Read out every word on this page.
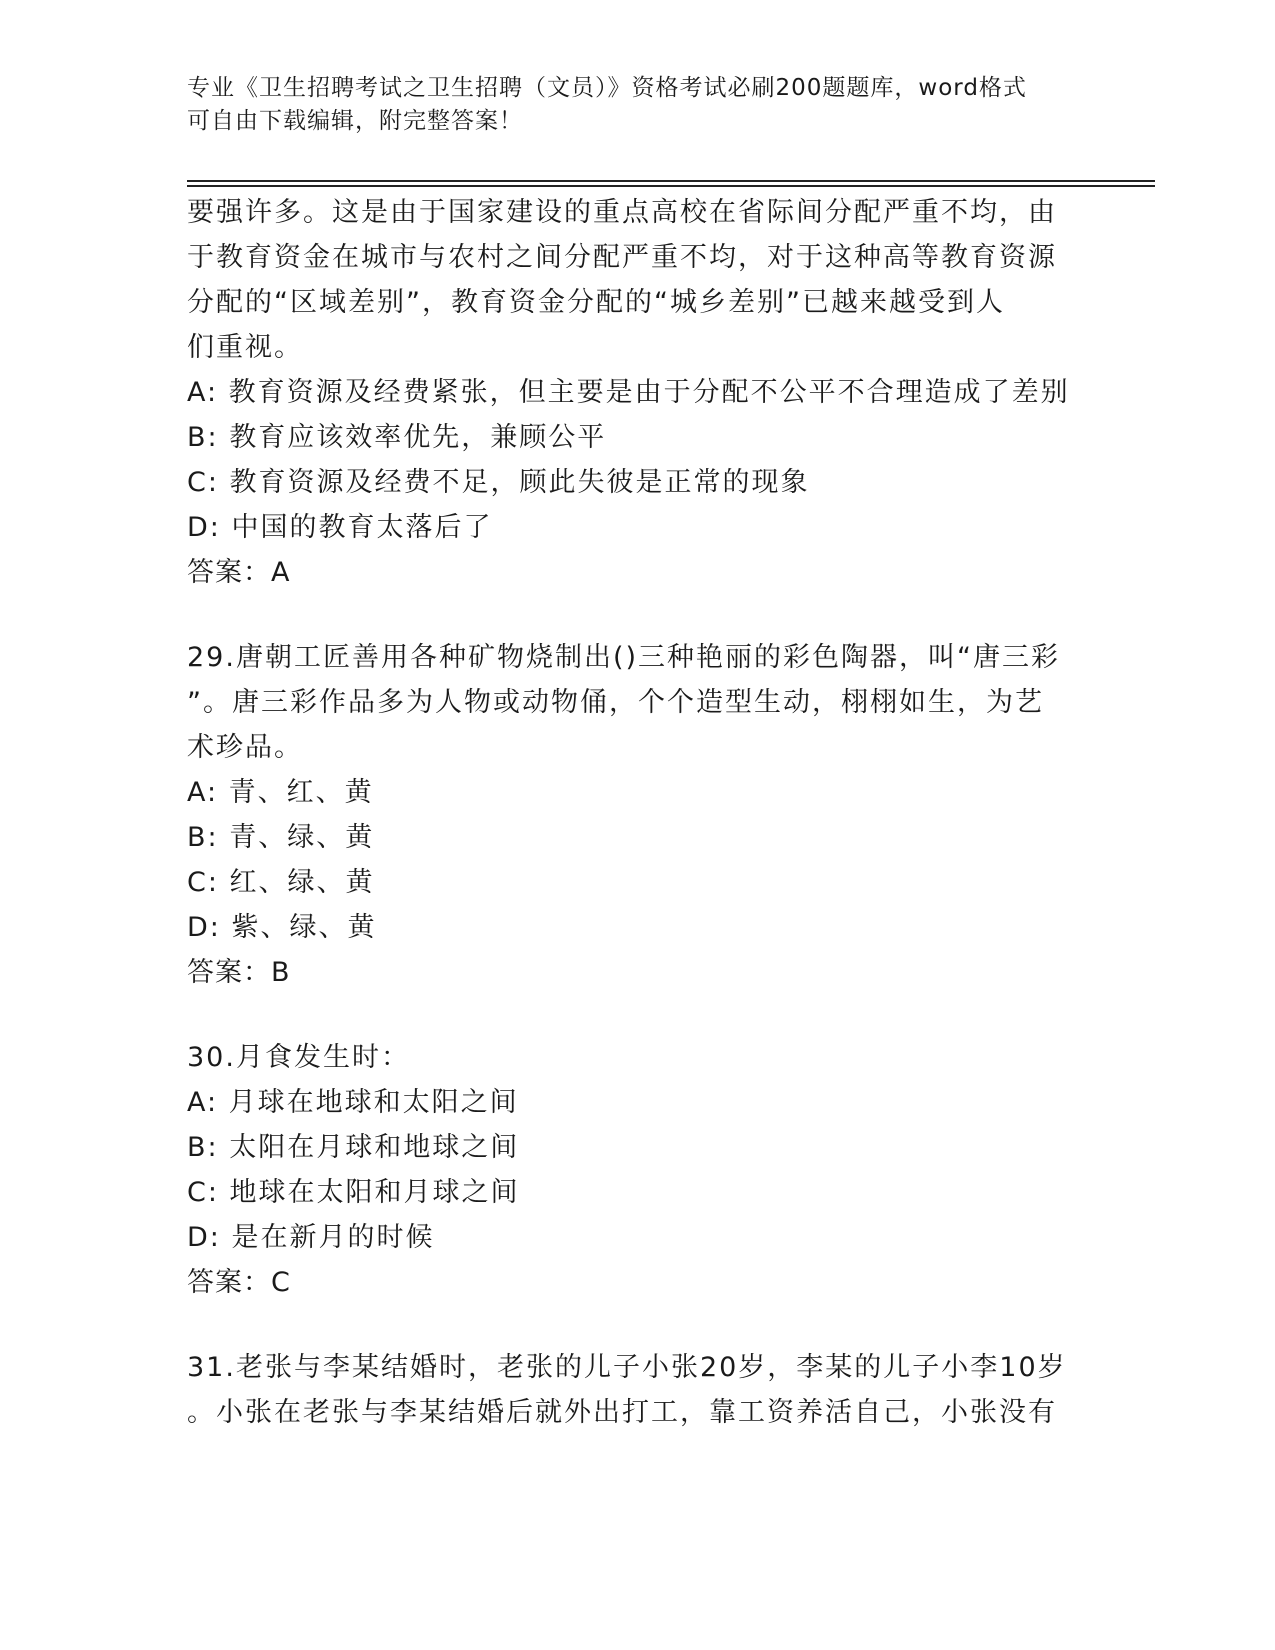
专业《卫生招聘考试之卫生招聘（文员）》资格考试必刷200题题库，word格式
可自由下载编辑，附完整答案！
要强许多。这是由于国家建设的重点高校在省际间分配严重不均，由
于教育资金在城市与农村之间分配严重不均，对于这种高等教育资源
分配的“区域差别”，教育资金分配的“城乡差别”已越来越受到人
们重视。
A: 教育资源及经费紧张，但主要是由于分配不公平不合理造成了差别
B: 教育应该效率优先，兼顾公平
C: 教育资源及经费不足，顾此失彼是正常的现象
D: 中国的教育太落后了
答案：A
29.唐朝工匠善用各种矿物烧制出()三种艳丽的彩色陶器，叫“唐三彩
”。唐三彩作品多为人物或动物俑，个个造型生动，栩栩如生，为艺
术珍品。
A: 青、红、黄
B: 青、绿、黄
C: 红、绿、黄
D: 紫、绿、黄
答案：B
30.月食发生时：
A: 月球在地球和太阳之间
B: 太阳在月球和地球之间
C: 地球在太阳和月球之间
D: 是在新月的时候
答案：C
31.老张与李某结婚时，老张的儿子小张20岁，李某的儿子小李10岁
。小张在老张与李某结婚后就外出打工，靠工资养活自己，小张没有
